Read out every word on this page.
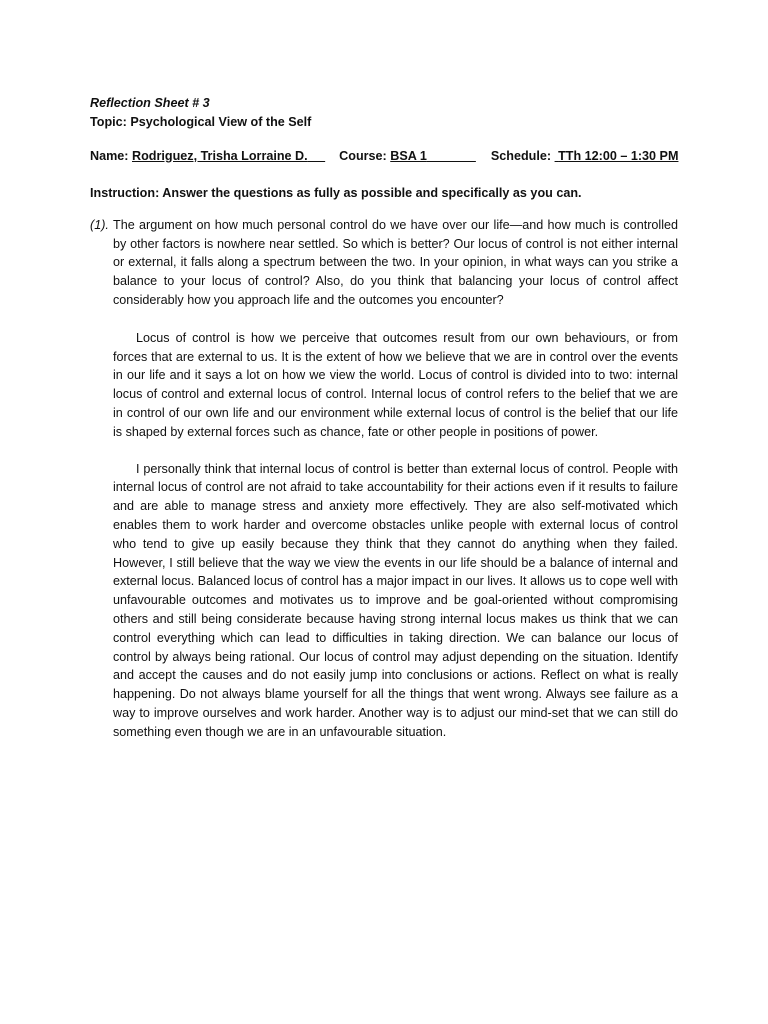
Reflection Sheet # 3

Topic: Psychological View of the Self

Name: Rodriguez, Trisha Lorraine D.	Course: BSA 1	Schedule: TTh 12:00 – 1:30 PM

Instruction: Answer the questions as fully as possible and specifically as you can.

(1). The argument on how much personal control do we have over our life—and how much is controlled by other factors is nowhere near settled. So which is better? Our locus of control is not either internal or external, it falls along a spectrum between the two. In your opinion, in what ways can you strike a balance to your locus of control? Also, do you think that balancing your locus of control affect considerably how you approach life and the outcomes you encounter?

Locus of control is how we perceive that outcomes result from our own behaviours, or from forces that are external to us. It is the extent of how we believe that we are in control over the events in our life and it says a lot on how we view the world. Locus of control is divided into to two: internal locus of control and external locus of control. Internal locus of control refers to the belief that we are in control of our own life and our environment while external locus of control is the belief that our life is shaped by external forces such as chance, fate or other people in positions of power.

I personally think that internal locus of control is better than external locus of control. People with internal locus of control are not afraid to take accountability for their actions even if it results to failure and are able to manage stress and anxiety more effectively. They are also self-motivated which enables them to work harder and overcome obstacles unlike people with external locus of control who tend to give up easily because they think that they cannot do anything when they failed. However, I still believe that the way we view the events in our life should be a balance of internal and external locus. Balanced locus of control has a major impact in our lives. It allows us to cope well with unfavourable outcomes and motivates us to improve and be goal-oriented without compromising others and still being considerate because having strong internal locus makes us think that we can control everything which can lead to difficulties in taking direction. We can balance our locus of control by always being rational. Our locus of control may adjust depending on the situation. Identify and accept the causes and do not easily jump into conclusions or actions. Reflect on what is really happening. Do not always blame yourself for all the things that went wrong. Always see failure as a way to improve ourselves and work harder. Another way is to adjust our mind-set that we can still do something even though we are in an unfavourable situation.
